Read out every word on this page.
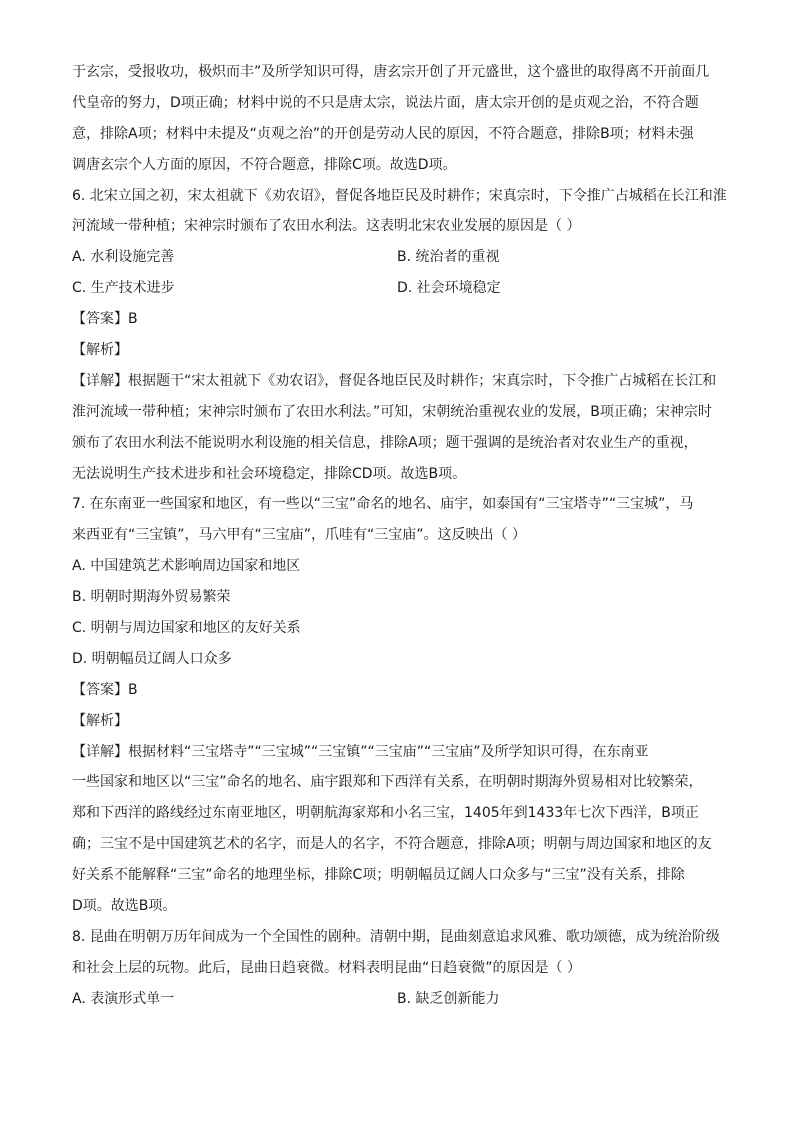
于玄宗，受报收功，极炽而丰”及所学知识可得，唐玄宗开创了开元盛世，这个盛世的取得离不开前面几
代皇帝的努力，D项正确；材料中说的不只是唐太宗，说法片面，唐太宗开创的是贞观之治，不符合题
意，排除A项；材料中未提及“贞观之治”的开创是劳动人民的原因，不符合题意，排除B项；材料未强
调唐玄宗个人方面的原因，不符合题意，排除C项。故选D项。
6. 北宋立国之初，宋太祖就下《劝农诏》，督促各地臣民及时耕作；宋真宗时，下令推广占城稻在长江和淮
河流域一带种植；宋神宗时颁布了农田水利法。这表明北宋农业发展的原因是（ ）
A. 水利设施完善	B. 统治者的重视
C. 生产技术进步	D. 社会环境稳定
【答案】B
【解析】
【详解】根据题干“宋太祖就下《劝农诏》，督促各地臣民及时耕作；宋真宗时，下令推广占城稻在长江和
淮河流域一带种植；宋神宗时颁布了农田水利法。”可知，宋朝统治重视农业的发展，B项正确；宋神宗时
颁布了农田水利法不能说明水利设施的相关信息，排除A项；题干强调的是统治者对农业生产的重视，
无法说明生产技术进步和社会环境稳定，排除CD项。故选B项。
7. 在东南亚一些国家和地区，有一些以“三宝”命名的地名、庙宇，如泰国有“三宝塔寺”“三宝城”，马
来西亚有“三宝镇”，马六甲有“三宝庙”，爪哇有“三宝庙”。这反映出（ ）
A. 中国建筑艺术影响周边国家和地区
B. 明朝时期海外贸易繁荣
C. 明朝与周边国家和地区的友好关系
D. 明朝幅员辽阔人口众多
【答案】B
【解析】
【详解】根据材料“三宝塔寺”“三宝城”“三宝镇”“三宝庙”“三宝庙”及所学知识可得，在东南亚
一些国家和地区以“三宝”命名的地名、庙宇跟郑和下西洋有关系，在明朝时期海外贸易相对比较繁荣，
郑和下西洋的路线经过东南亚地区，明朝航海家郑和小名三宝，1405年到1433年七次下西洋，B项正
确；三宝不是中国建筑艺术的名字，而是人的名字，不符合题意，排除A项；明朝与周边国家和地区的友
好关系不能解释“三宝”命名的地理坐标，排除C项；明朝幅员辽阔人口众多与“三宝”没有关系，排除
D项。故选B项。
8. 昆曲在明朝万历年间成为一个全国性的剧种。清朝中期，昆曲刻意追求风雅、歌功颂德，成为统治阶级
和社会上层的玩物。此后，昆曲日趋衰微。材料表明昆曲“日趋衰微”的原因是（ ）
A. 表演形式单一	B. 缺乏创新能力
